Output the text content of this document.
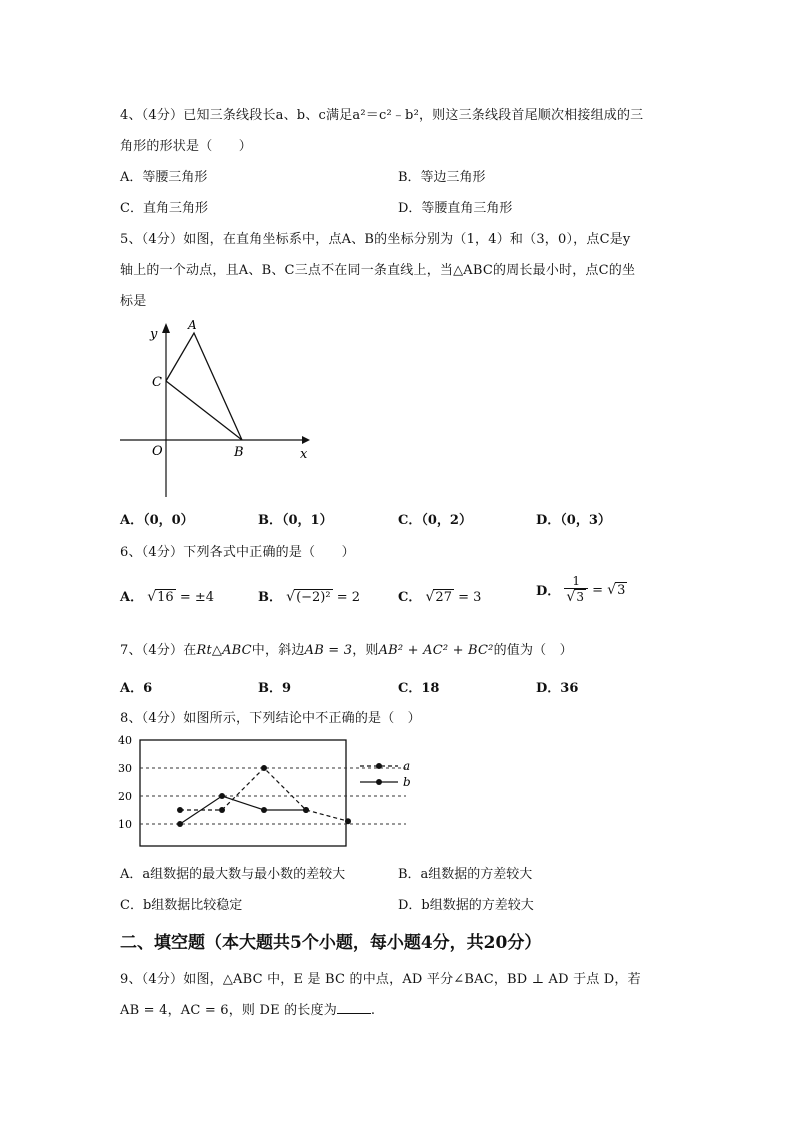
4、（4分）已知三条线段长a、b、c满足a²＝c²﹣b²，则这三条线段首尾顺次相接组成的三
角形的形状是（　　）
A．等腰三角形	B．等边三角形
C．直角三角形	D．等腰直角三角形
5、（4分）如图，在直角坐标系中，点A、B的坐标分别为（1，4）和（3，0），点C是y
轴上的一个动点，且A、B、C三点不在同一条直线上，当△ABC的周长最小时，点C的坐
标是
y
A
C
O	B	x
A．（0，0）	B．（0，1）	C．（0，2）	D．（0，3）
6、（4分）下列各式中正确的是（　　）
A． √16 = ±4	B． √(−2)² = 2	C． √27 = 3	D． $\frac{1}{√3} = √3$
7、（4分）在Rt△ABC中，斜边AB = 3，则AB² + AC² + BC²的值为（　）
A．6	B．9	C．18	D．36
8、（4分）如图所示，下列结论中不正确的是（　）
40
30
20
10
a
b
A．a组数据的最大数与最小数的差较大	B．a组数据的方差较大
C．b组数据比较稳定	D．b组数据的方差较大
二、填空题（本大题共5个小题，每小题4分，共20分）
9、（4分）如图，△ABC 中，E 是 BC 的中点，AD 平分∠BAC，BD ⊥ AD 于点 D，若
AB = 4，AC = 6，则 DE 的长度为	.
